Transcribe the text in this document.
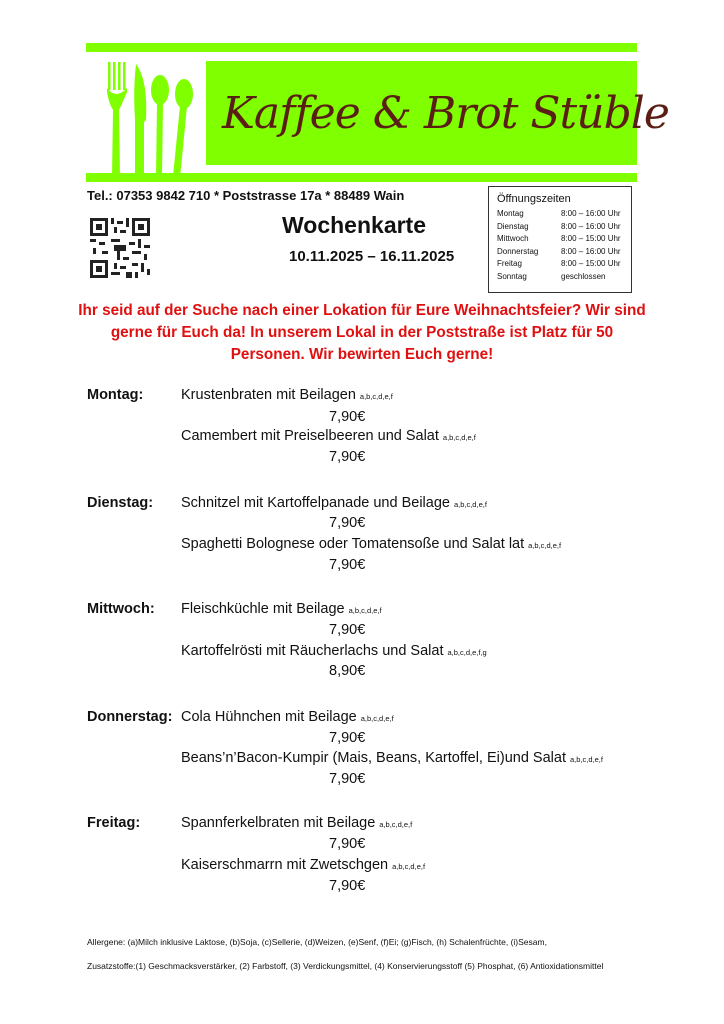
Kaffee & Brot Stüble
Tel.: 07353 9842 710 * Poststrasse 17a * 88489 Wain
Wochenkarte
10.11.2025 – 16.11.2025
Öffnungszeiten
Montag	8:00 – 16:00 Uhr
Dienstag	8:00 – 16:00 Uhr
Mittwoch	8:00 – 15:00 Uhr
Donnerstag	8:00 – 16:00 Uhr
Freitag	8:00 – 15:00 Uhr
Sonntag	geschlossen
Ihr seid auf der Suche nach einer Lokation für Eure Weihnachtsfeier? Wir sind
gerne für Euch da! In unserem Lokal in der Poststraße ist Platz für 50
Personen. Wir bewirten Euch gerne!
Montag:	Krustenbraten mit Beilagen a,b,c,d,e,f
7,90€
Camembert mit Preiselbeeren und Salat a,b,c,d,e,f
7,90€
Dienstag: Schnitzel mit Kartoffelpanade und Beilage a,b,c,d,e,f
7,90€
Spaghetti Bolognese oder Tomatensoße und Salat lat a,b,c,d,e,f
7,90€
Mittwoch: Fleischküchle mit Beilage a,b,c,d,e,f
7,90€
Kartoffelrösti mit Räucherlachs und Salat a,b,c,d,e,f,g
8,90€
Donnerstag: Cola Hühnchen mit Beilage a,b,c,d,e,f
7,90€
Beans’n’Bacon-Kumpir (Mais, Beans, Kartoffel, Ei)und Salat a,b,c,d,e,f
7,90€
Freitag:	Spannferkelbraten mit Beilage a,b,c,d,e,f
7,90€
Kaiserschmarrn mit Zwetschgen a,b,c,d,e,f
7,90€
Allergene: (a)Milch inklusive Laktose, (b)Soja, (c)Sellerie, (d)Weizen, (e)Senf, (f)Ei; (g)Fisch, (h) Schalenfrüchte, (i)Sesam,
Zusatzstoffe:(1) Geschmacksverstärker, (2) Farbstoff, (3) Verdickungsmittel, (4) Konservierungsstoff (5) Phosphat, (6) Antioxidationsmittel
